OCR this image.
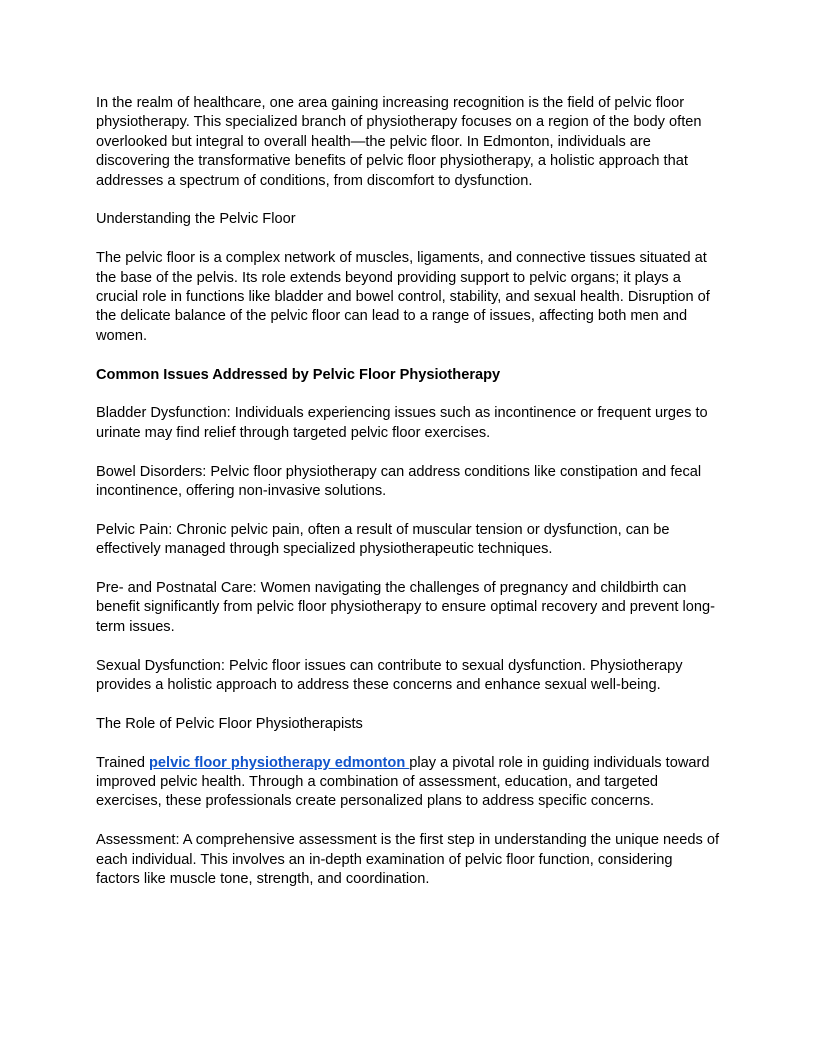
In the realm of healthcare, one area gaining increasing recognition is the field of pelvic floor physiotherapy. This specialized branch of physiotherapy focuses on a region of the body often overlooked but integral to overall health—the pelvic floor. In Edmonton, individuals are discovering the transformative benefits of pelvic floor physiotherapy, a holistic approach that addresses a spectrum of conditions, from discomfort to dysfunction.

Understanding the Pelvic Floor

The pelvic floor is a complex network of muscles, ligaments, and connective tissues situated at the base of the pelvis. Its role extends beyond providing support to pelvic organs; it plays a crucial role in functions like bladder and bowel control, stability, and sexual health. Disruption of the delicate balance of the pelvic floor can lead to a range of issues, affecting both men and women.

Common Issues Addressed by Pelvic Floor Physiotherapy

Bladder Dysfunction: Individuals experiencing issues such as incontinence or frequent urges to urinate may find relief through targeted pelvic floor exercises.

Bowel Disorders: Pelvic floor physiotherapy can address conditions like constipation and fecal incontinence, offering non-invasive solutions.

Pelvic Pain: Chronic pelvic pain, often a result of muscular tension or dysfunction, can be effectively managed through specialized physiotherapeutic techniques.

Pre- and Postnatal Care: Women navigating the challenges of pregnancy and childbirth can benefit significantly from pelvic floor physiotherapy to ensure optimal recovery and prevent long-term issues.

Sexual Dysfunction: Pelvic floor issues can contribute to sexual dysfunction. Physiotherapy provides a holistic approach to address these concerns and enhance sexual well-being.

The Role of Pelvic Floor Physiotherapists

Trained pelvic floor physiotherapy edmonton play a pivotal role in guiding individuals toward improved pelvic health. Through a combination of assessment, education, and targeted exercises, these professionals create personalized plans to address specific concerns.

Assessment: A comprehensive assessment is the first step in understanding the unique needs of each individual. This involves an in-depth examination of pelvic floor function, considering factors like muscle tone, strength, and coordination.
